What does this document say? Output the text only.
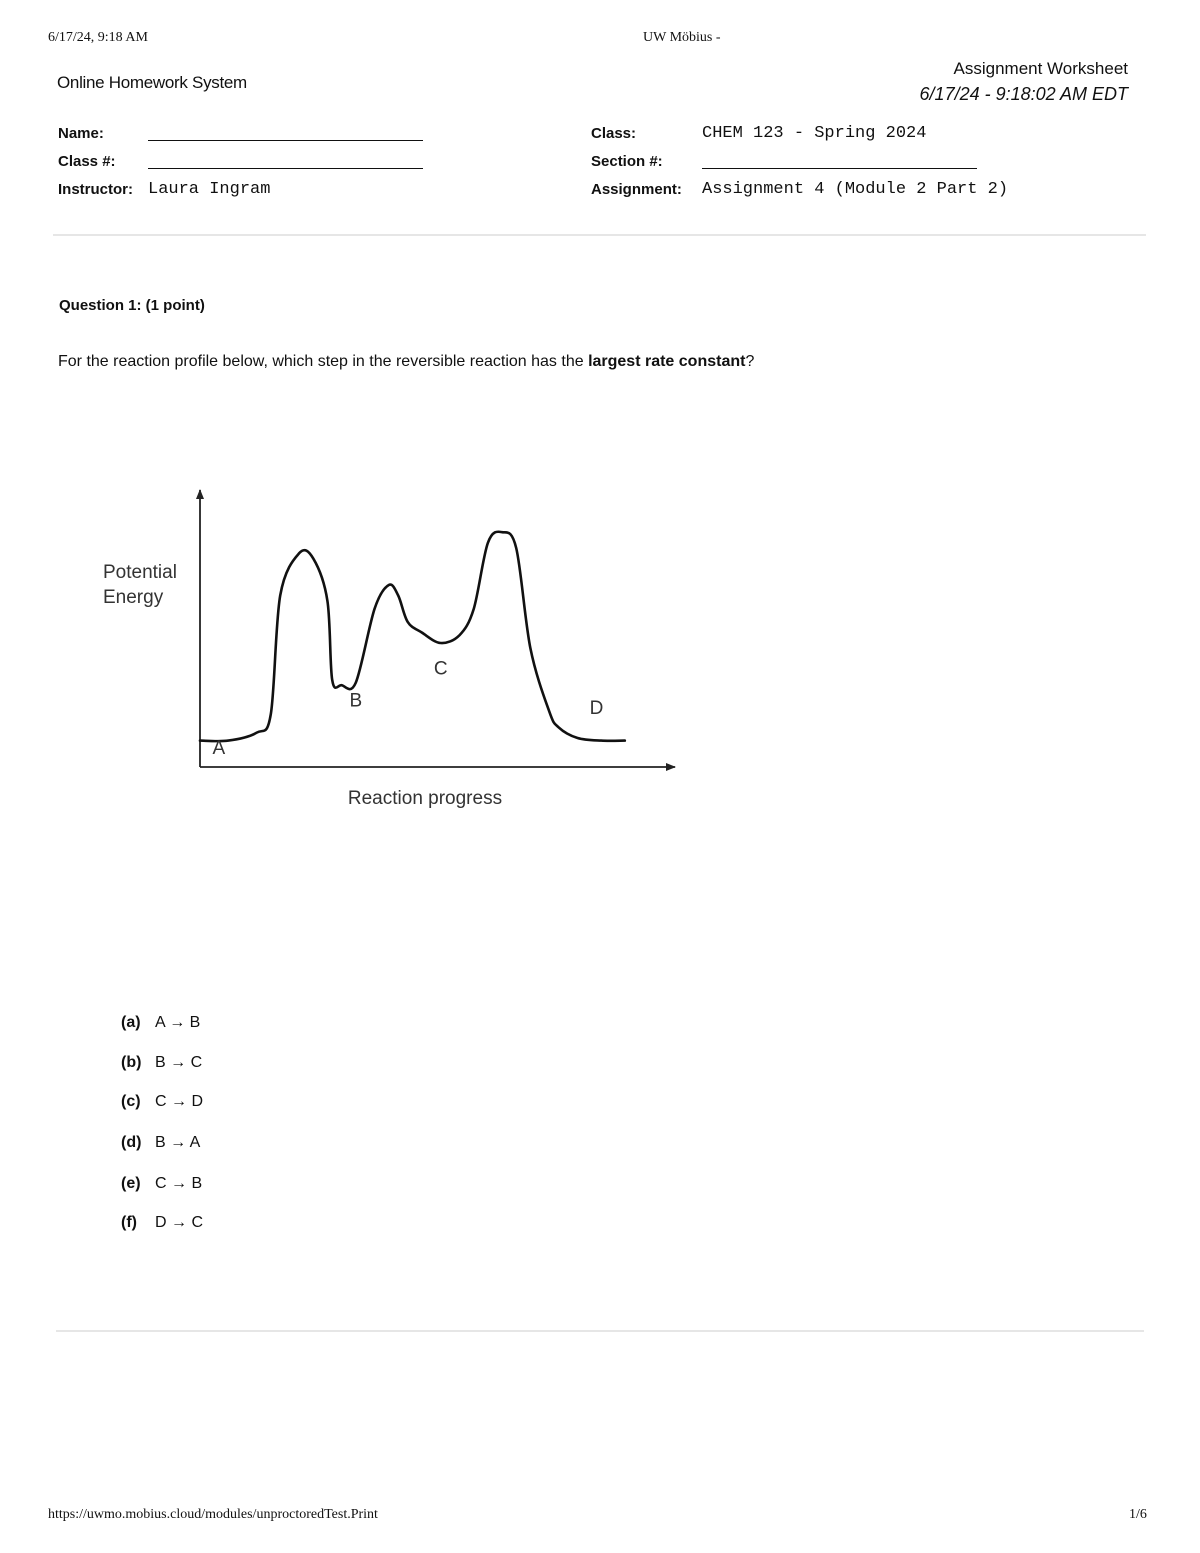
6/17/24, 9:18 AM	UW Möbius -
Online Homework System
Assignment Worksheet
6/17/24 - 9:18:02 AM EDT
Name:
Class #:
Instructor: Laura Ingram
Class:	CHEM 123 - Spring 2024
Section #:
Assignment: Assignment 4 (Module 2 Part 2)
Question 1: (1 point)
For the reaction profile below, which step in the reversible reaction has the largest rate constant?
Potential
Energy
Reaction progress
A
B
C
D
(a) A → B
(b) B → C
(c) C → D
(d) B → A
(e) C → B
(f) D → C
https://uwmo.mobius.cloud/modules/unproctoredTest.Print	1/6
